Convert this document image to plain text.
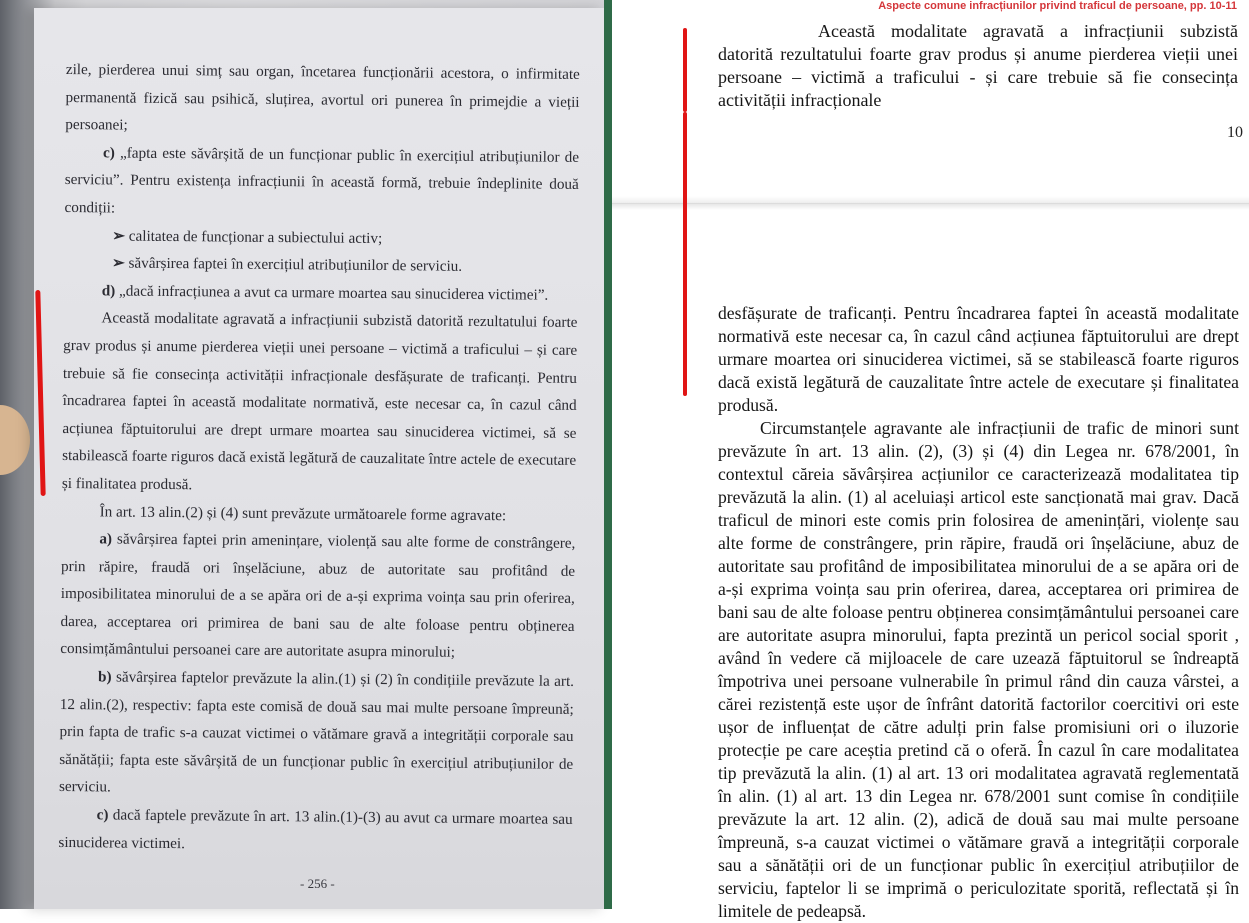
zile, pierderea unui simț sau organ, încetarea funcționării acestora, o infirmitate permanentă fizică sau psihică, sluțirea, avortul ori punerea în primejdie a vieții persoanei;

c) „fapta este săvârșită de un funcționar public în exercițiul atribuțiunilor de serviciu”. Pentru existența infracțiunii în această formă, trebuie îndeplinite două condiții:

➢ calitatea de funcționar a subiectului activ;

➢ săvârșirea faptei în exercițiul atribuțiunilor de serviciu.

d) „dacă infracțiunea a avut ca urmare moartea sau sinuciderea victimei”.

Această modalitate agravată a infracțiunii subzistă datorită rezultatului foarte grav produs și anume pierderea vieții unei persoane – victimă a traficului – și care trebuie să fie consecința activității infracționale desfășurate de traficanți. Pentru încadrarea faptei în această modalitate normativă, este necesar ca, în cazul când acțiunea făptuitorului are drept urmare moartea sau sinuciderea victimei, să se stabilească foarte riguros dacă există legătură de cauzalitate între actele de executare și finalitatea produsă.

În art. 13 alin.(2) și (4) sunt prevăzute următoarele forme agravate:

a) săvârșirea faptei prin amenințare, violență sau alte forme de constrângere, prin răpire, fraudă ori înșelăciune, abuz de autoritate sau profitând de imposibilitatea minorului de a se apăra ori de a-și exprima voința sau prin oferirea, darea, acceptarea ori primirea de bani sau de alte foloase pentru obținerea consimțământului persoanei care are autoritate asupra minorului;

b) săvârșirea faptelor prevăzute la alin.(1) și (2) în condițiile prevăzute la art. 12 alin.(2), respectiv: fapta este comisă de două sau mai multe persoane împreună; prin fapta de trafic s-a cauzat victimei o vătămare gravă a integrității corporale sau sănătății; fapta este săvârșită de un funcționar public în exercițiul atribuțiunilor de serviciu.

c) dacă faptele prevăzute în art. 13 alin.(1)-(3) au avut ca urmare moartea sau sinuciderea victimei.

- 256 -
Aspecte comune infracțiunilor privind traficul de persoane, pp. 10-11

Această modalitate agravată a infracțiunii subzistă datorită rezultatului foarte grav produs și anume pierderea vieții unei persoane – victimă a traficului - și care trebuie să fie consecința activității infracționale

10

desfășurate de traficanți. Pentru încadrarea faptei în această modalitate normativă este necesar ca, în cazul când acțiunea făptuitorului are drept urmare moartea ori sinuciderea victimei, să se stabilească foarte riguros dacă există legătură de cauzalitate între actele de executare și finalitatea produsă.

Circumstanțele agravante ale infracțiunii de trafic de minori sunt prevăzute în art. 13 alin. (2), (3) și (4) din Legea nr. 678/2001, în contextul căreia săvârșirea acțiunilor ce caracterizează modalitatea tip prevăzută la alin. (1) al aceluiași articol este sancționată mai grav. Dacă traficul de minori este comis prin folosirea de amenințări, violențe sau alte forme de constrângere, prin răpire, fraudă ori înșelăciune, abuz de autoritate sau profitând de imposibilitatea minorului de a se apăra ori de a-și exprima voința sau prin oferirea, darea, acceptarea ori primirea de bani sau de alte foloase pentru obținerea consimțământului persoanei care are autoritate asupra minorului, fapta prezintă un pericol social sporit , având în vedere că mijloacele de care uzează făptuitorul se îndreaptă împotriva unei persoane vulnerabile în primul rând din cauza vârstei, a cărei rezistență este ușor de înfrânt datorită factorilor coercitivi ori este ușor de influențat de către adulți prin false promisiuni ori o iluzorie protecție pe care aceștia pretind că o oferă. În cazul în care modalitatea tip prevăzută la alin. (1) al art. 13 ori modalitatea agravată reglementată în alin. (1) al art. 13 din Legea nr. 678/2001 sunt comise în condițiile prevăzute la art. 12 alin. (2), adică de două sau mai multe persoane împreună, s-a cauzat victimei o vătămare gravă a integrității corporale sau a sănătății ori de un funcționar public în exercițiul atribuțiilor de serviciu, faptelor li se imprimă o periculozitate sporită, reflectată și în limitele de pedeapsă.
